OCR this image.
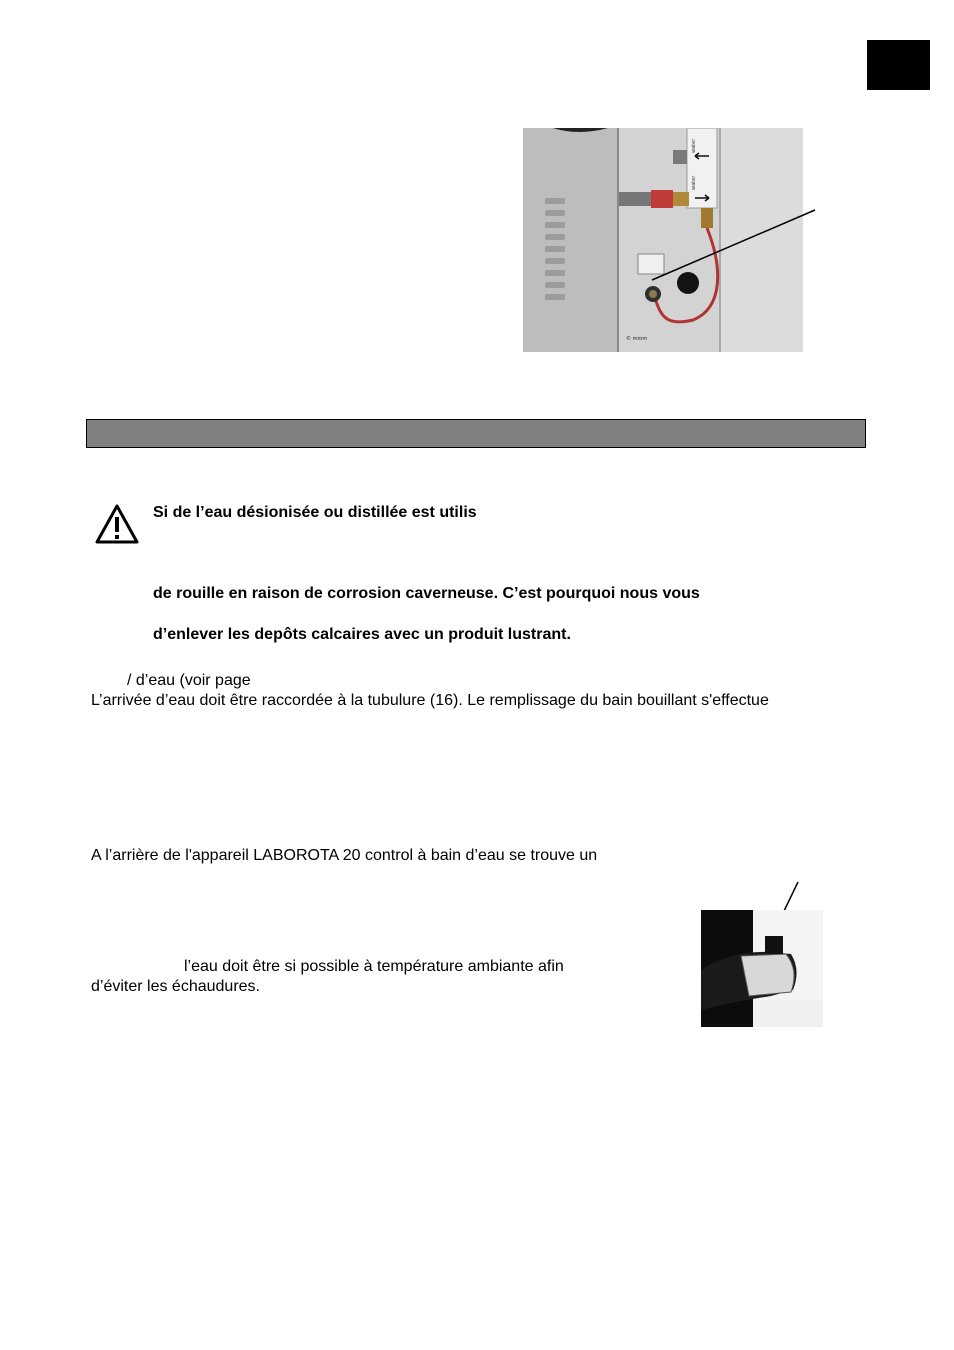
water
water
© mmm
Si de l’eau désionisée ou distillée est utilis
de rouille en raison de corrosion caverneuse. C’est pourquoi nous vous
d’enlever les depôts calcaires avec un produit lustrant.
/ d’eau (voir page
L’arrivée d’eau doit être raccordée à la tubulure (16). Le remplissage du bain bouillant s'effectue
A l’arrière de l'appareil LABOROTA 20 control à bain d’eau se trouve un
l’eau doit être si possible à température ambiante afin
d’éviter les échaudures.
